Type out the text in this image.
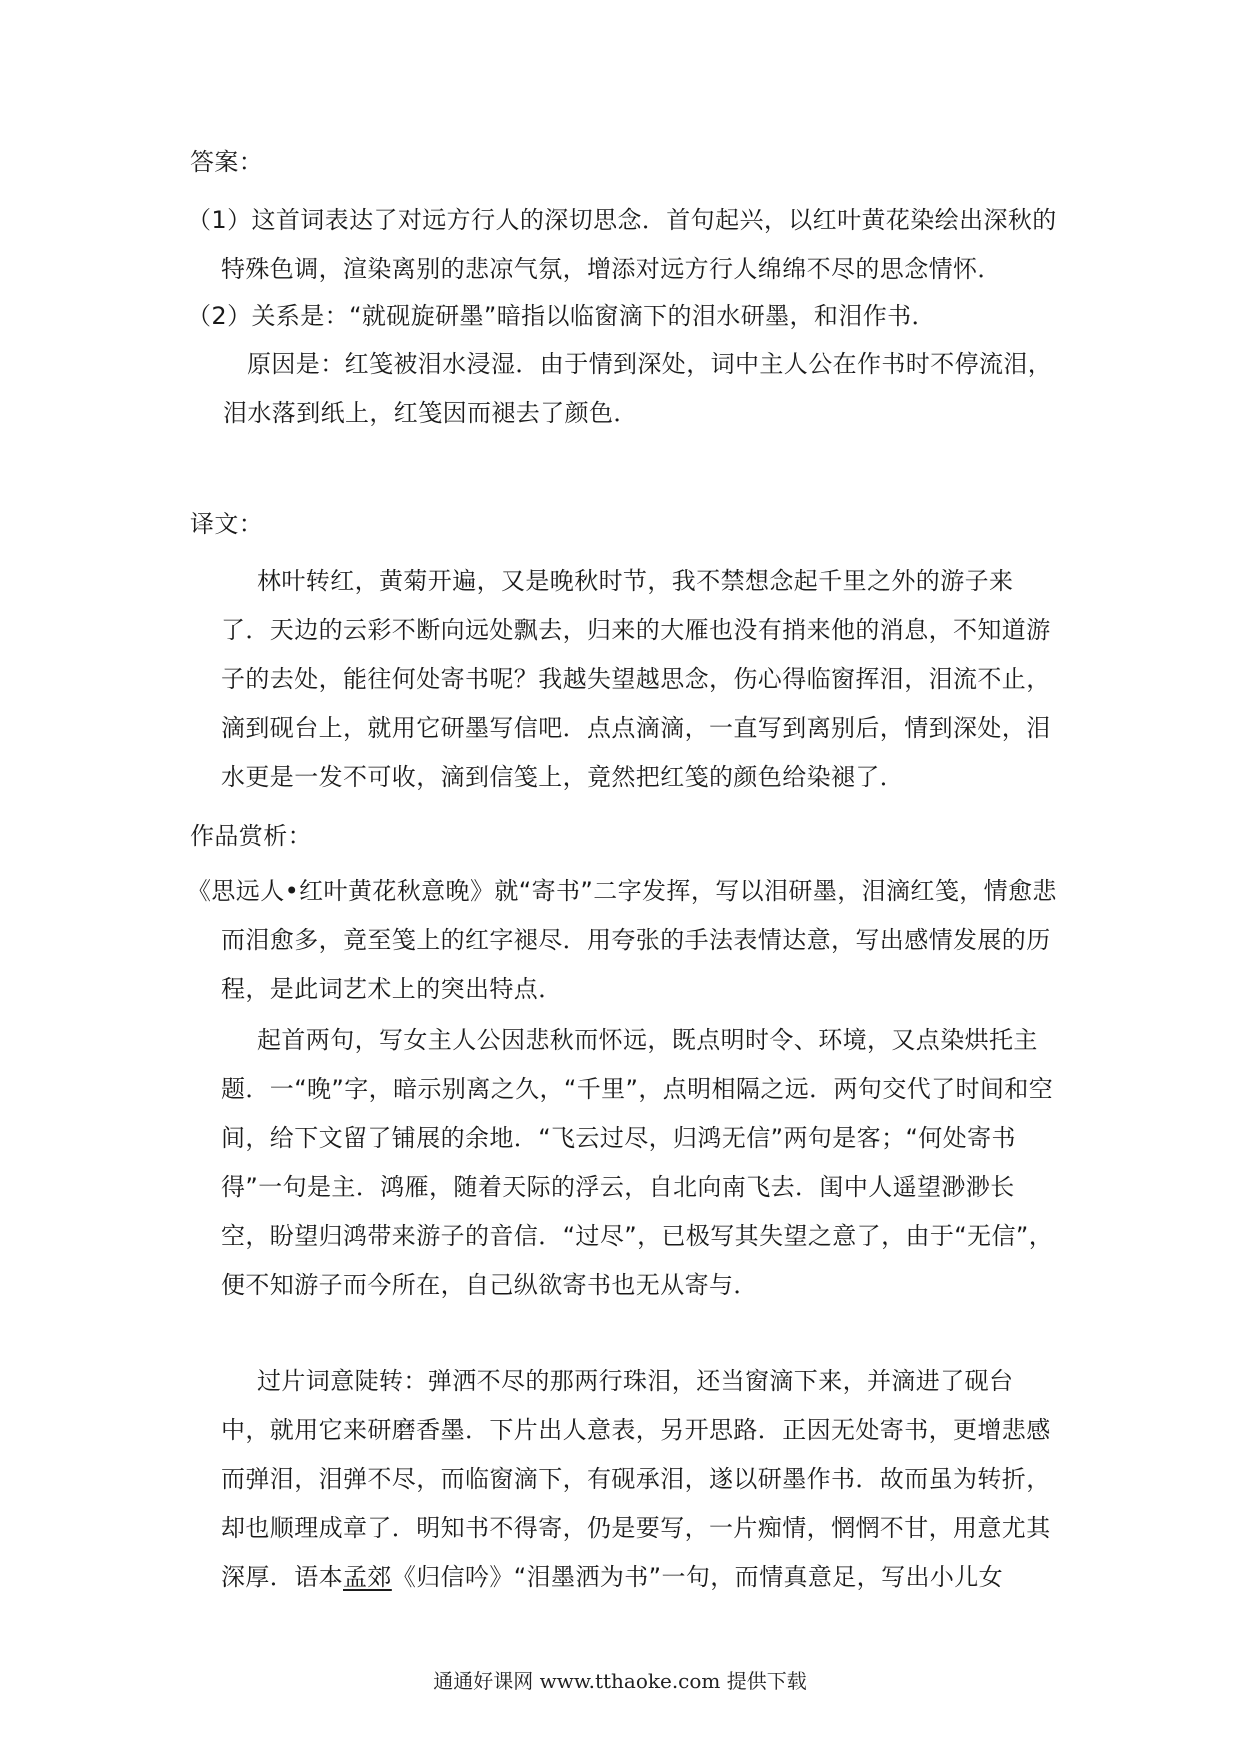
答案：
（1）这首词表达了对远方行人的深切思念．首句起兴，以红叶黄花染绘出深秋的特殊色调，渲染离别的悲凉气氛，增添对远方行人绵绵不尽的思念情怀．
（2）关系是：“就砚旋研墨”暗指以临窗滴下的泪水研墨，和泪作书．
原因是：红笺被泪水浸湿．由于情到深处，词中主人公在作书时不停流泪，泪水落到纸上，红笺因而褪去了颜色．
译文：
林叶转红，黄菊开遍，又是晚秋时节，我不禁想念起千里之外的游子来了．天边的云彩不断向远处飘去，归来的大雁也没有捎来他的消息，不知道游子的去处，能往何处寄书呢？我越失望越思念，伤心得临窗挥泪，泪流不止，滴到砚台上，就用它研墨写信吧．点点滴滴，一直写到离别后，情到深处，泪水更是一发不可收，滴到信笺上，竟然把红笺的颜色给染褪了．
作品赏析：
《思远人•红叶黄花秋意晚》就“寄书”二字发挥，写以泪研墨，泪滴红笺，情愈悲而泪愈多，竟至笺上的红字褪尽．用夸张的手法表情达意，写出感情发展的历程，是此词艺术上的突出特点．
起首两句，写女主人公因悲秋而怀远，既点明时令、环境，又点染烘托主题．一“晚”字，暗示别离之久，“千里”，点明相隔之远．两句交代了时间和空间，给下文留了铺展的余地．“飞云过尽，归鸿无信”两句是客；“何处寄书得”一句是主．鸿雁，随着天际的浮云，自北向南飞去．闺中人遥望渺渺长空，盼望归鸿带来游子的音信．“过尽”，已极写其失望之意了，由于“无信”，便不知游子而今所在，自己纵欲寄书也无从寄与．
过片词意陡转：弹洒不尽的那两行珠泪，还当窗滴下来，并滴进了砚台中，就用它来研磨香墨．下片出人意表，另开思路．正因无处寄书，更增悲感而弹泪，泪弹不尽，而临窗滴下，有砚承泪，遂以研墨作书．故而虽为转折，却也顺理成章了．明知书不得寄，仍是要写，一片痴情，惘惘不甘，用意尤其深厚．语本孟郊《归信吟》“泪墨洒为书”一句，而情真意足，写出小儿女
通通好课网 www.tthaoke.com 提供下载
